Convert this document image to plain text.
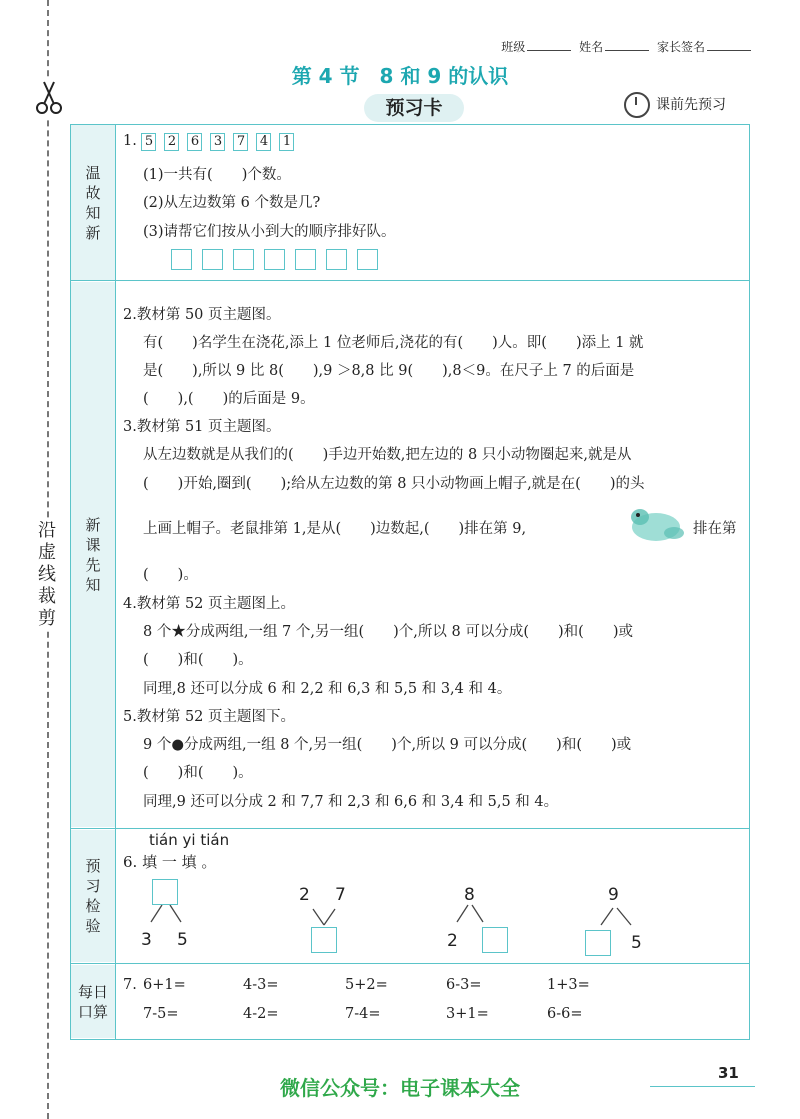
沿虚线裁剪
班级	姓名	家长签名
第 4 节　8 和 9 的认识
预习卡	课前先预习
温故知新
新课先知
预习检验
每日口算
1. 5 2 6 3 7 4 1
(1)一共有(　　)个数。
(2)从左边数第 6 个数是几?
(3)请帮它们按从小到大的顺序排好队。
2.教材第 50 页主题图。
有(　　)名学生在浇花,添上 1 位老师后,浇花的有(　　)人。即(　　)添上 1 就
是(　　),所以 9 比 8(　　),9 ＞8,8 比 9(　　),8＜9。在尺子上 7 的后面是
(　　),(　　)的后面是 9。
3.教材第 51 页主题图。
从左边数就是从我们的(　　)手边开始数,把左边的 8 只小动物圈起来,就是从
(　　)开始,圈到(　　);给从左边数的第 8 只小动物画上帽子,就是在(　　)的头
上画上帽子。老鼠排第 1,是从(　　)边数起,(　　)排在第 9,	排在第
(　　)。
4.教材第 52 页主题图上。
8 个★分成两组,一组 7 个,另一组(　　)个,所以 8 可以分成(　　)和(　　)或
(　　)和(　　)。
同理,8 还可以分成 6 和 2,2 和 6,3 和 5,5 和 3,4 和 4。
5.教材第 52 页主题图下。
9 个●分成两组,一组 8 个,另一组(　　)个,所以 9 可以分成(　　)和(　　)或
(　　)和(　　)。
同理,9 还可以分成 2 和 7,7 和 2,3 和 6,6 和 3,4 和 5,5 和 4。
tián yi tián
6. 填 一 填 。
3 5
2 7	8
2
9
5
7. 6+1=	4-3=	5+2=	6-3=	1+3=
7-5=	4-2=	7-4=	3+1=	6-6=
31
微信公众号：电子课本大全
